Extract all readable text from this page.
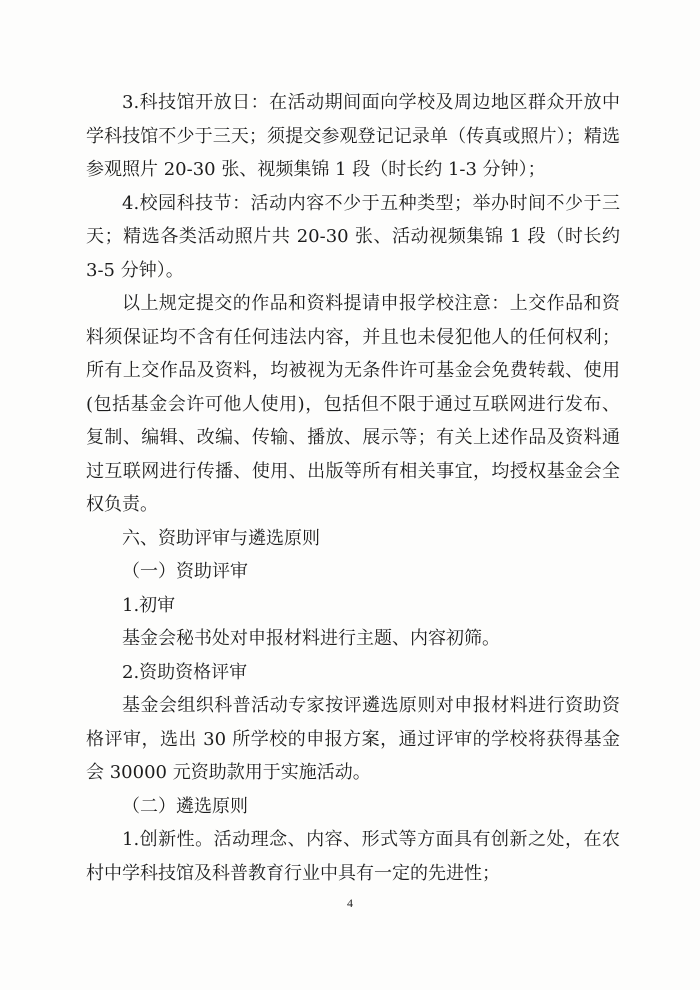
3.科技馆开放日：在活动期间面向学校及周边地区群众开放中学科技馆不少于三天；须提交参观登记记录单（传真或照片）；精选参观照片 20-30 张、视频集锦 1 段（时长约 1-3 分钟）；

4.校园科技节：活动内容不少于五种类型；举办时间不少于三天；精选各类活动照片共 20-30 张、活动视频集锦 1 段（时长约 3-5 分钟）。

以上规定提交的作品和资料提请申报学校注意：上交作品和资料须保证均不含有任何违法内容，并且也未侵犯他人的任何权利；所有上交作品及资料，均被视为无条件许可基金会免费转载、使用(包括基金会许可他人使用)，包括但不限于通过互联网进行发布、复制、编辑、改编、传输、播放、展示等；有关上述作品及资料通过互联网进行传播、使用、出版等所有相关事宜，均授权基金会全权负责。

六、资助评审与遴选原则

（一）资助评审

1.初审

基金会秘书处对申报材料进行主题、内容初筛。

2.资助资格评审

基金会组织科普活动专家按评遴选原则对申报材料进行资助资格评审，选出 30 所学校的申报方案，通过评审的学校将获得基金会 30000 元资助款用于实施活动。

（二）遴选原则

1.创新性。活动理念、内容、形式等方面具有创新之处，在农村中学科技馆及科普教育行业中具有一定的先进性；

4
